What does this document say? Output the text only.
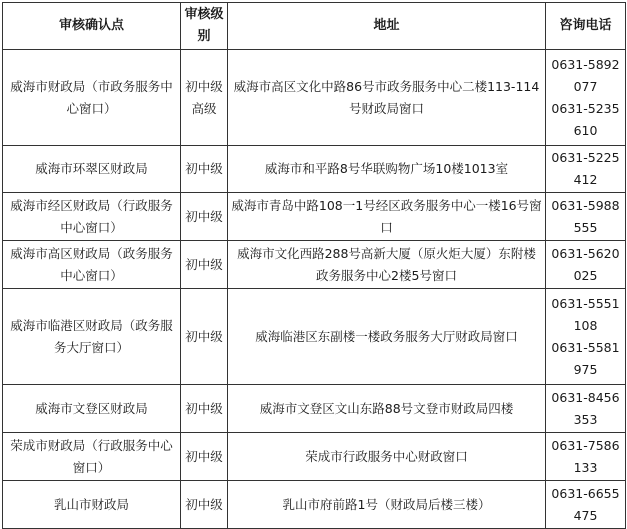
审核确认点	审核级别	地址	咨询电话
威海市财政局（市政务服务中心窗口）	初中级高级	威海市高区文化中路86号市政务服务中心二楼113-114号财政局窗口	0631-5892077
0631-5235610

威海市环翠区财政局	初中级	威海市和平路8号华联购物广场10楼1013室	0631-5225412

威海市经区财政局（行政服务中心窗口）	初中级	威海市青岛中路108一1号经区政务服务中心一楼16号窗口	0631-5988555

威海市高区财政局（政务服务中心窗口）	初中级	威海市文化西路288号高新大厦（原火炬大厦）东附楼政务服务中心2楼5号窗口	0631-5620025

威海市临港区财政局（政务服务大厅窗口）	初中级	威海临港区东副楼一楼政务服务大厅财政局窗口	0631-5551108
0631-5581975

威海市文登区财政局	初中级	威海市文登区文山东路88号文登市财政局四楼	0631-8456353

荣成市财政局（行政服务中心窗口）	初中级	荣成市行政服务中心财政窗口	0631-7586133

乳山市财政局	初中级	乳山市府前路1号（财政局后楼三楼）	0631-6655475
